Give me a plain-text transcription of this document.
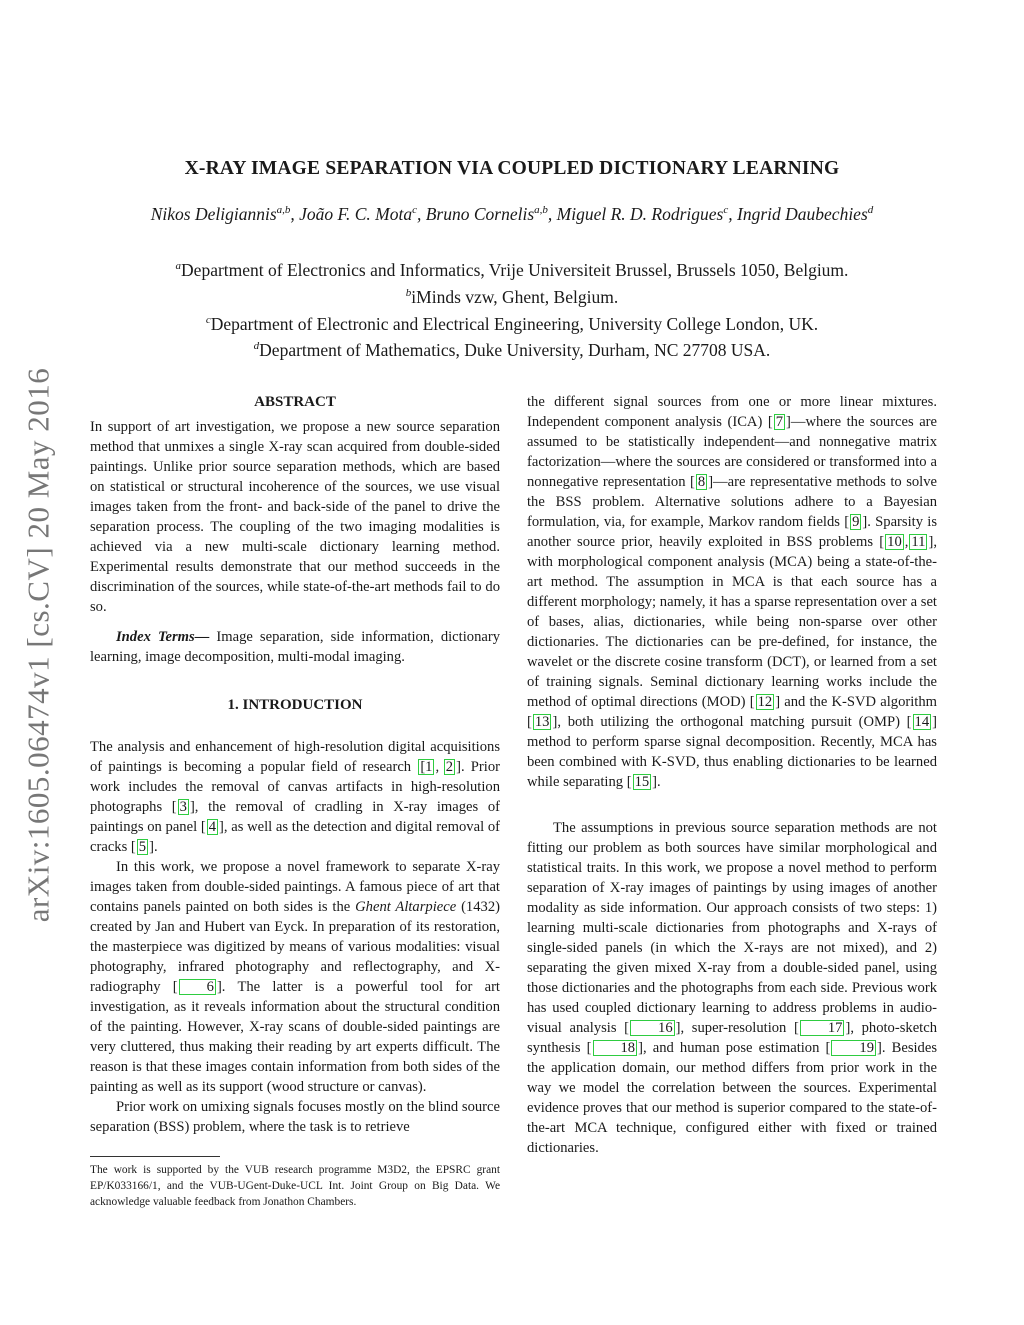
arXiv:1605.06474v1 [cs.CV] 20 May 2016
X-RAY IMAGE SEPARATION VIA COUPLED DICTIONARY LEARNING

Nikos Deligiannis$^{a,b}$, João F. C. Mota$^c$, Bruno Cornelis$^{a,b}$, Miguel R. D. Rodrigues$^c$, Ingrid Daubechies$^d$

$^a$Department of Electronics and Informatics, Vrije Universiteit Brussel, Brussels 1050, Belgium.

$^b$iMinds vzw, Ghent, Belgium.

$^c$Department of Electronic and Electrical Engineering, University College London, UK.

$^d$Department of Mathematics, Duke University, Durham, NC 27708 USA.

ABSTRACT

In support of art investigation, we propose a new source separation method that unmixes a single X-ray scan acquired from double-sided paintings. Unlike prior source separation methods, which are based on statistical or structural incoherence of the sources, we use visual images taken from the front- and back-side of the panel to drive the separation process. The coupling of the two imaging modalities is achieved via a new multi-scale dictionary learning method. Experimental results demonstrate that our method succeeds in the discrimination of the sources, while state-of-the-art methods fail to do so.

Index Terms— Image separation, side information, dictionary learning, image decomposition, multi-modal imaging.

1. INTRODUCTION

The analysis and enhancement of high-resolution digital acquisitions of paintings is becoming a popular field of research [1 , 2 ]. Prior work includes the removal of canvas artifacts in high-resolution photographs [ 3 ], the removal of cradling in X-ray images of paintings on panel [ 4 ], as well as the detection and digital removal of cracks [ 5 ].

In this work, we propose a novel framework to separate X-ray images taken from double-sided paintings. A famous piece of art that contains panels painted on both sides is the Ghent Altarpiece (1432) created by Jan and Hubert van Eyck. In preparation of its restoration, the masterpiece was digitized by means of various modalities: visual photography, infrared photography and reflectography, and X-radiography [ 6 ]. The latter is a powerful tool for art investigation, as it reveals information about the structural condition of the painting. However, X-ray scans of double-sided paintings are very cluttered, thus making their reading by art experts difficult. The reason is that these images contain information from both sides of the painting as well as its support (wood structure or canvas).

Prior work on umixing signals focuses mostly on the blind source separation (BSS) problem, where the task is to retrieve

the different signal sources from one or more linear mixtures. Independent component analysis (ICA) [ 7 ]—where the sources are assumed to be statistically independent—and nonnegative matrix factorization—where the sources are considered or transformed into a nonnegative representation [ 8 ]—are representative methods to solve the BSS problem. Alternative solutions adhere to a Bayesian formulation, via, for example, Markov random fields [ 9 ]. Sparsity is another source prior, heavily exploited in BSS problems [ 10 , 11 ], with morphological component analysis (MCA) being a state-of-the-art method. The assumption in MCA is that each source has a different morphology; namely, it has a sparse representation over a set of bases, alias, dictionaries, while being non-sparse over other dictionaries. The dictionaries can be pre-defined, for instance, the wavelet or the discrete cosine transform (DCT), or learned from a set of training signals. Seminal dictionary learning works include the method of optimal directions (MOD) [ 12 ] and the K-SVD algorithm [ 13 ], both utilizing the orthogonal matching pursuit (OMP) [ 14 ] method to perform sparse signal decomposition. Recently, MCA has been combined with K-SVD, thus enabling dictionaries to be learned while separating [ 15 ].

The assumptions in previous source separation methods are not fitting our problem as both sources have similar morphological and statistical traits. In this work, we propose a novel method to perform separation of X-ray images of paintings by using images of another modality as side information. Our approach consists of two steps: 1) learning multi-scale dictionaries from photographs and X-rays of single-sided panels (in which the X-rays are not mixed), and 2) separating the given mixed X-ray from a double-sided panel, using those dictionaries and the photographs from each side. Previous work has used coupled dictionary learning to address problems in audio-visual analysis [ 16 ], super-resolution [ 17 ], photo-sketch synthesis [ 18 ], and human pose estimation [ 19 ]. Besides the application domain, our method differs from prior work in the way we model the correlation between the sources. Experimental evidence proves that our method is superior compared to the state-of-the-art MCA technique, configured either with fixed or trained dictionaries.

The work is supported by the VUB research programme M3D2, the EPSRC grant EP/K033166/1, and the VUB-UGent-Duke-UCL Int. Joint Group on Big Data. We acknowledge valuable feedback from Jonathon Chambers.
